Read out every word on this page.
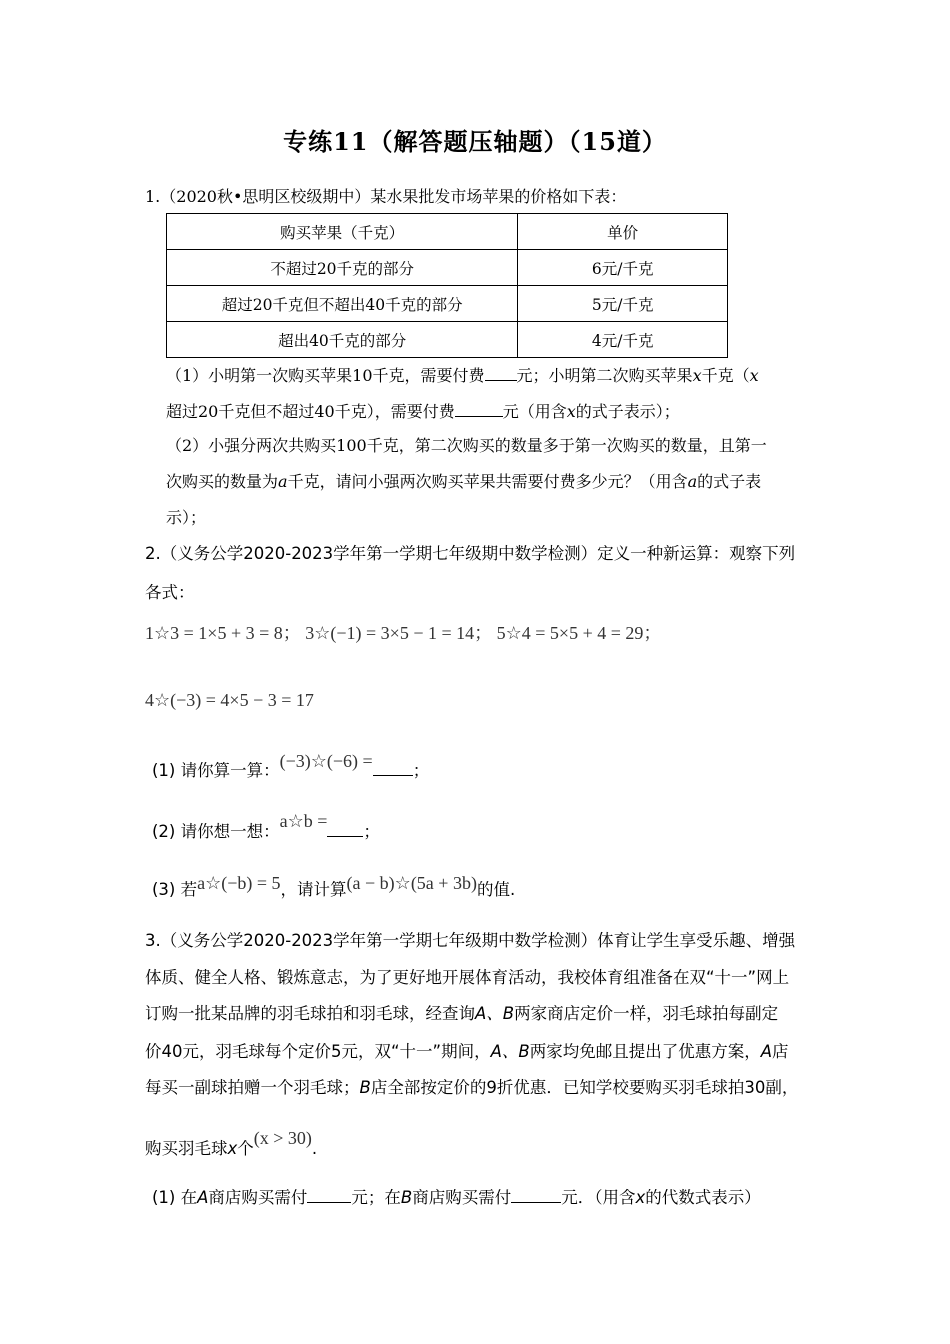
专练11（解答题压轴题）（15道）
1.（2020秋•思明区校级期中）某水果批发市场苹果的价格如下表：
购买苹果（千克）	单价
不超过20千克的部分	6元/千克
超过20千克但不超出40千克的部分	5元/千克
超出40千克的部分	4元/千克
（1）小明第一次购买苹果10千克，需要付费 元；小明第二次购买苹果x千克（x
超过20千克但不超过40千克），需要付费	元（用含x的式子表示）；
（2）小强分两次共购买100千克，第二次购买的数量多于第一次购买的数量，且第一
次购买的数量为a千克，请问小强两次购买苹果共需要付费多少元？（用含a的式子表
示）；
2.（义务公学2020-2023学年第一学期七年级期中数学检测）定义一种新运算：观察下列
各式：
1☆3 = 1×5 + 3 = 8； 3☆(−1) = 3×5 − 1 = 14； 5☆4 = 5×5 + 4 = 29；
4☆(−3) = 4×5 − 3 = 17
(1) 请你算一算：(−3)☆(−6) = ；
(2) 请你想一想：a☆b =；
(3) 若a☆(−b) = 5，请计算(a − b)☆(5a + 3b)的值.
3.（义务公学2020-2023学年第一学期七年级期中数学检测）体育让学生享受乐趣、增强
体质、健全人格、锻炼意志，为了更好地开展体育活动，我校体育组准备在双“十一”网上
订购一批某品牌的羽毛球拍和羽毛球，经查询A、B两家商店定价一样，羽毛球拍每副定
价40元，羽毛球每个定价5元，双“十一”期间，A、B两家均免邮且提出了优惠方案，A店
每买一副球拍赠一个羽毛球；B店全部按定价的9折优惠．已知学校要购买羽毛球拍30副，
购买羽毛球x个(x > 30).
(1) 在A商店购买需付	元；在B商店购买需付	元．（用含x的代数式表示）
